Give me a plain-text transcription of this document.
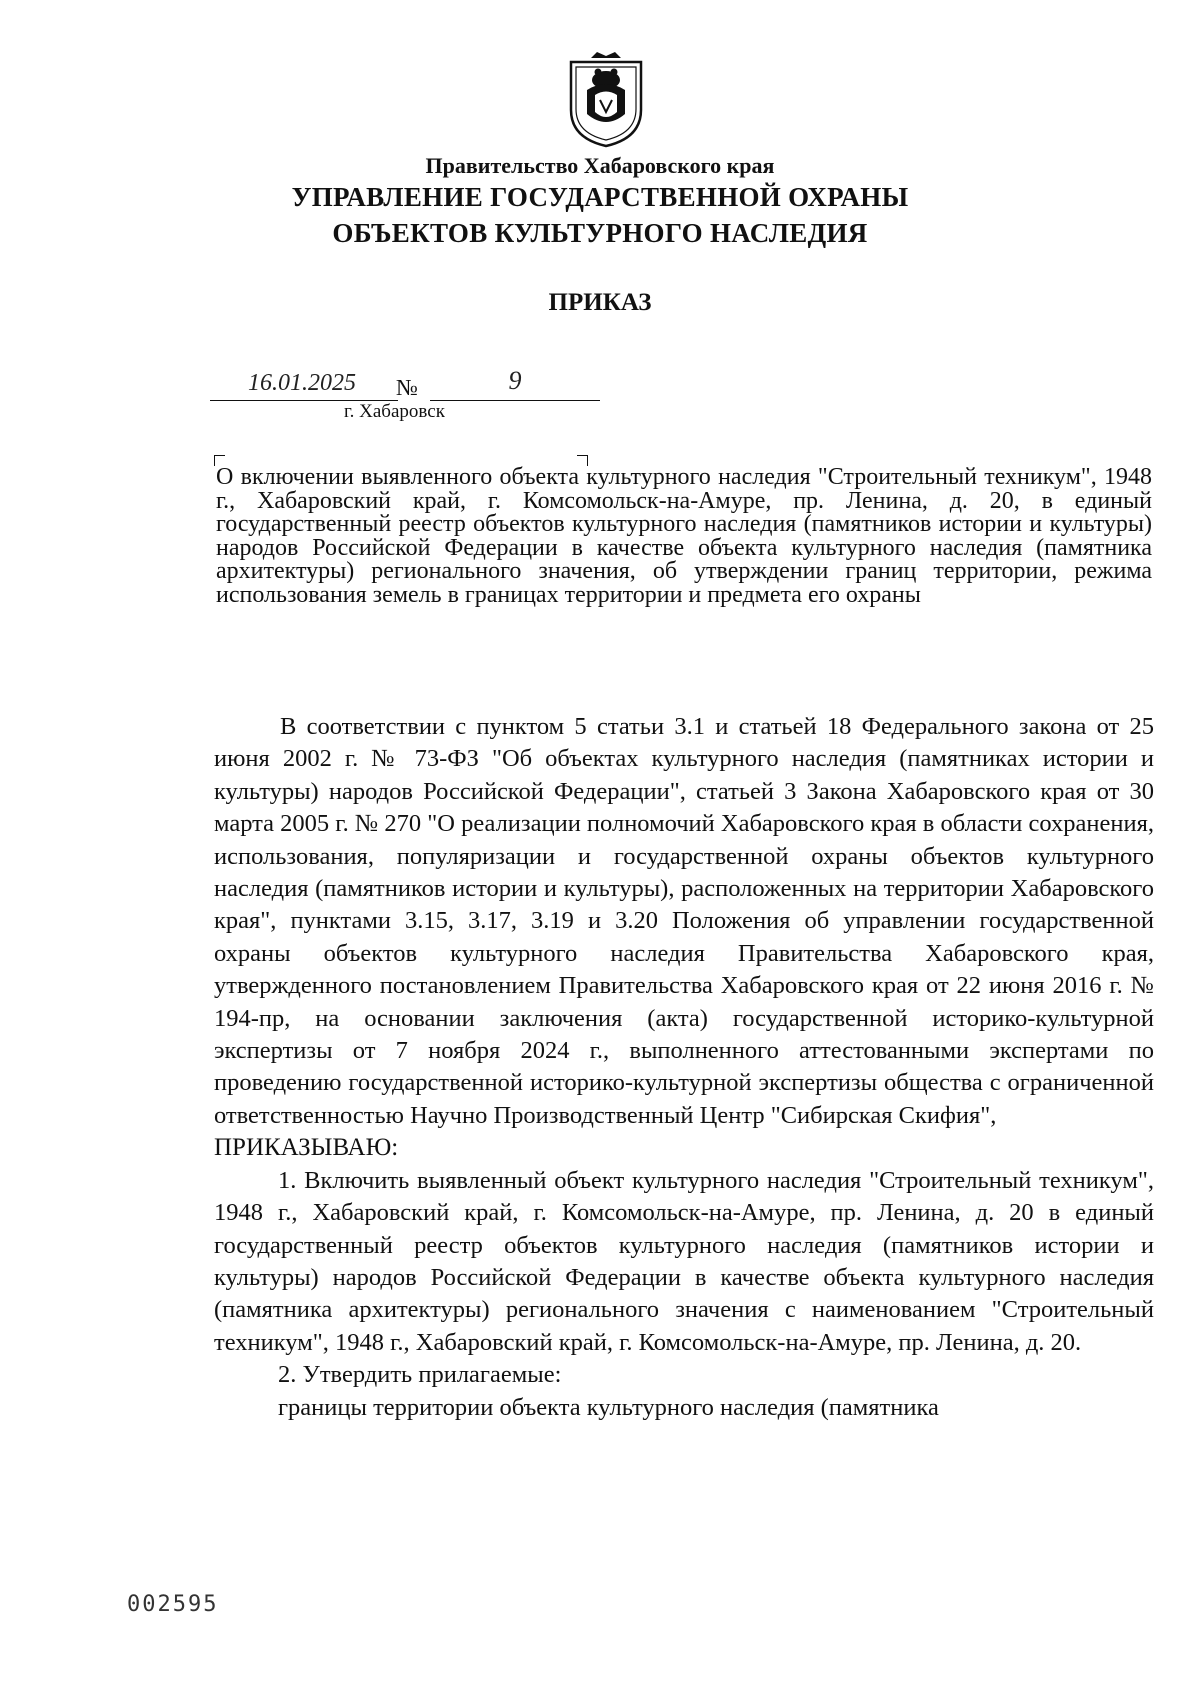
Правительство Хабаровского края
УПРАВЛЕНИЕ ГОСУДАРСТВЕННОЙ ОХРАНЫ
ОБЪЕКТОВ КУЛЬТУРНОГО НАСЛЕДИЯ
ПРИКАЗ
16.01.2025	№	9
г. Хабаровск
О включении выявленного объекта культурного наследия "Строительный техникум", 1948 г., Хабаровский край, г. Комсомольск-на-Амуре, пр. Ленина, д. 20, в единый государственный реестр объектов культурного наследия (памятников истории и культуры) народов Российской Федерации в качестве объекта культурного наследия (памятника архитектуры) регионального значения, об утверждении границ территории, режима использования земель в границах территории и предмета его охраны

В соответствии с пунктом 5 статьи 3.1 и статьей 18 Федерального закона от 25 июня 2002 г. № 73-ФЗ "Об объектах культурного наследия (памятниках истории и культуры) народов Российской Федерации", статьей 3 Закона Хабаровского края от 30 марта 2005 г. № 270 "О реализации полномочий Хабаровского края в области сохранения, использования, популяризации и государственной охраны объектов культурного наследия (памятников истории и культуры), расположенных на территории Хабаровского края", пунктами 3.15, 3.17, 3.19 и 3.20 Положения об управлении государственной охраны объектов культурного наследия Правительства Хабаровского края, утвержденного постановлением Правительства Хабаровского края от 22 июня 2016 г. № 194-пр, на основании заключения (акта) государственной историко-культурной экспертизы от 7 ноября 2024 г., выполненного аттестованными экспертами по проведению государственной историко-культурной экспертизы общества с ограниченной ответственностью Научно Производственный Центр "Сибирская Скифия",

ПРИКАЗЫВАЮ:

1. Включить выявленный объект культурного наследия "Строительный техникум", 1948 г., Хабаровский край, г. Комсомольск-на-Амуре, пр. Ленина, д. 20 в единый государственный реестр объектов культурного наследия (памятников истории и культуры) народов Российской Федерации в качестве объекта культурного наследия (памятника архитектуры) регионального значения с наименованием "Строительный техникум", 1948 г., Хабаровский край, г. Комсомольск-на-Амуре, пр. Ленина, д. 20.

2. Утвердить прилагаемые:

границы территории объекта культурного наследия (памятника

002595
